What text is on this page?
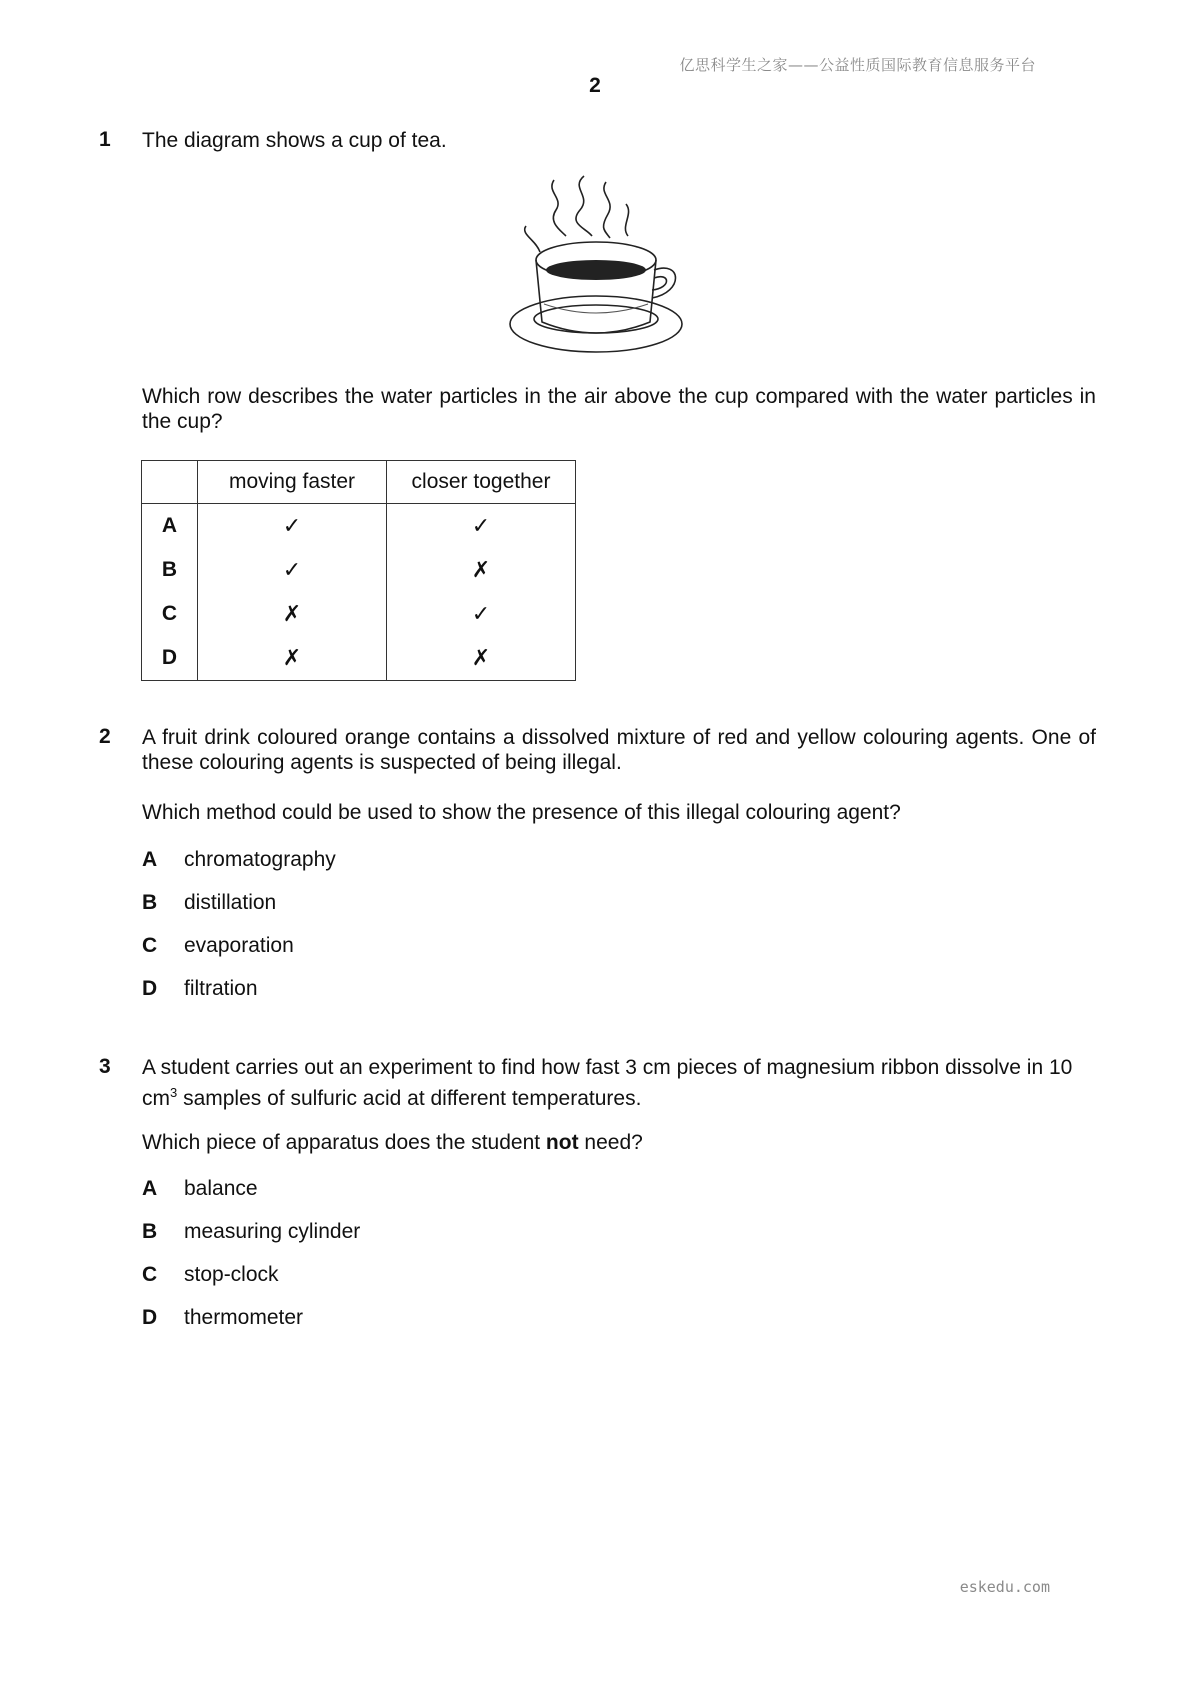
亿思科学生之家——公益性质国际教育信息服务平台
2
1 The diagram shows a cup of tea.
Which row describes the water particles in the air above the cup compared with the water particles in the cup?
	moving faster	closer together
A	✓	✓
B	✓	✗
C	✗	✓
D	✗	✗
2 A fruit drink coloured orange contains a dissolved mixture of red and yellow colouring agents. One of these colouring agents is suspected of being illegal.
Which method could be used to show the presence of this illegal colouring agent?
A chromatography
B distillation
C evaporation
D filtration
3 A student carries out an experiment to find how fast 3 cm pieces of magnesium ribbon dissolve in 10 $cm^3$ samples of sulfuric acid at different temperatures.
Which piece of apparatus does the student not need?
A balance
B measuring cylinder
C stop-clock
D thermometer
eskedu.com
